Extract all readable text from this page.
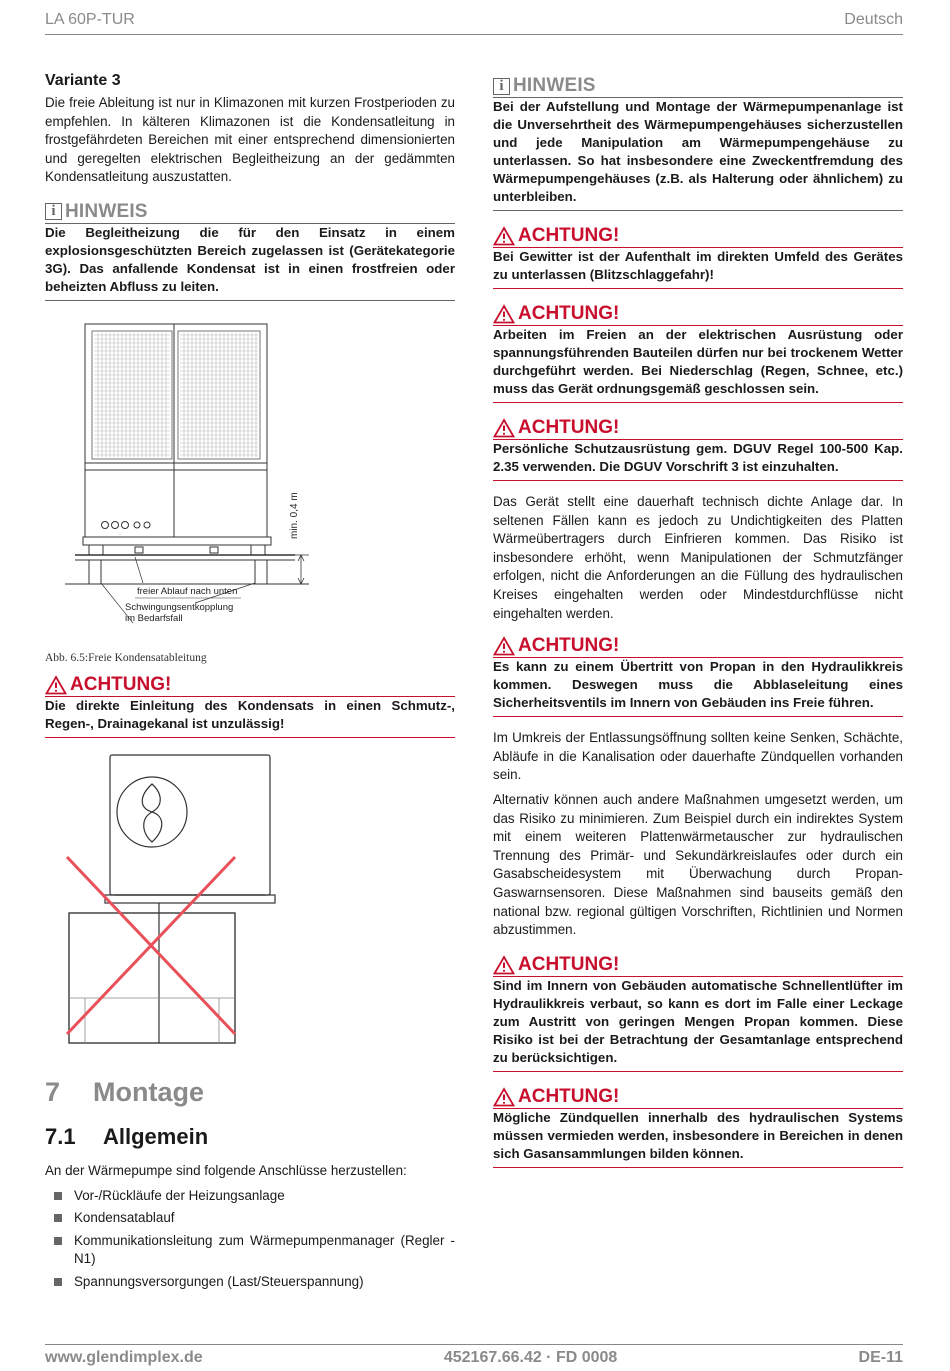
LA 60P-TUR	Deutsch
Variante 3

Die freie Ableitung ist nur in Klimazonen mit kurzen Frostperioden zu empfehlen. In kälteren Klimazonen ist die Kondensatleitung in frostgefährdeten Bereichen mit einer entsprechend dimensionierten und geregelten elektrischen Begleitheizung an der gedämmten Kondensatleitung auszustatten.

i HINWEIS
Die Begleitheizung die für den Einsatz in einem explosionsgeschützten Bereich zugelassen ist (Gerätekategorie 3G). Das anfallende Kondensat ist in einen frostfreien oder beheizten Abfluss zu leiten.
min. 0,4 m
freier Ablauf nach unten
Schwingungsentkopplung
im Bedarfsfall
Abb. 6.5:Freie Kondensatableitung
ACHTUNG!
Die direkte Einleitung des Kondensats in einen Schmutz-, Regen-, Drainagekanal ist unzulässig!
7 Montage
7.1 Allgemein

An der Wärmepumpe sind folgende Anschlüsse herzustellen:

Vor-/Rückläufe der Heizungsanlage
Kondensatablauf
Kommunikationsleitung zum Wärmepumpenmanager (Regler -N1)
Spannungsversorgungen (Last/Steuerspannung)
i HINWEIS
Bei der Aufstellung und Montage der Wärmepumpenanlage ist die Unversehrtheit des Wärmepumpengehäuses sicherzustellen und jede Manipulation am Wärmepumpengehäuse zu unterlassen. So hat insbesondere eine Zweckentfremdung des Wärmepumpengehäuses (z.B. als Halterung oder ähnlichem) zu unterbleiben.
ACHTUNG!
Bei Gewitter ist der Aufenthalt im direkten Umfeld des Gerätes zu unterlassen (Blitzschlaggefahr)!
ACHTUNG!
Arbeiten im Freien an der elektrischen Ausrüstung oder spannungsführenden Bauteilen dürfen nur bei trockenem Wetter durchgeführt werden. Bei Niederschlag (Regen, Schnee, etc.) muss das Gerät ordnungsgemäß geschlossen sein.
ACHTUNG!
Persönliche Schutzausrüstung gem. DGUV Regel 100-500 Kap. 2.35 verwenden. Die DGUV Vorschrift 3 ist einzuhalten.

Das Gerät stellt eine dauerhaft technisch dichte Anlage dar. In seltenen Fällen kann es jedoch zu Undichtigkeiten des Platten Wärmeübertragers durch Einfrieren kommen. Das Risiko ist insbesondere erhöht, wenn Manipulationen der Schmutzfänger erfolgen, nicht die Anforderungen an die Füllung des hydraulischen Kreises eingehalten werden oder Mindestdurchflüsse nicht eingehalten werden.

ACHTUNG!
Es kann zu einem Übertritt von Propan in den Hydraulikkreis kommen. Deswegen muss die Abblaseleitung eines Sicherheitsventils im Innern von Gebäuden ins Freie führen.

Im Umkreis der Entlassungsöffnung sollten keine Senken, Schächte, Abläufe in die Kanalisation oder dauerhafte Zündquellen vorhanden sein.

Alternativ können auch andere Maßnahmen umgesetzt werden, um das Risiko zu minimieren. Zum Beispiel durch ein indirektes System mit einem weiteren Plattenwärmetauscher zur hydraulischen Trennung des Primär- und Sekundärkreislaufes oder durch ein Gasabscheidesystem mit Überwachung durch Propan-Gaswarnsensoren. Diese Maßnahmen sind bauseits gemäß den national bzw. regional gültigen Vorschriften, Richtlinien und Normen abzustimmen.

ACHTUNG!
Sind im Innern von Gebäuden automatische Schnellentlüfter im Hydraulikkreis verbaut, so kann es dort im Falle einer Leckage zum Austritt von geringen Mengen Propan kommen. Diese Risiko ist bei der Betrachtung der Gesamtanlage entsprechend zu berücksichtigen.
ACHTUNG!
Mögliche Zündquellen innerhalb des hydraulischen Systems müssen vermieden werden, insbesondere in Bereichen in denen sich Gasansammlungen bilden können.
www.glendimplex.de	452167.66.42 · FD 0008	DE-11
